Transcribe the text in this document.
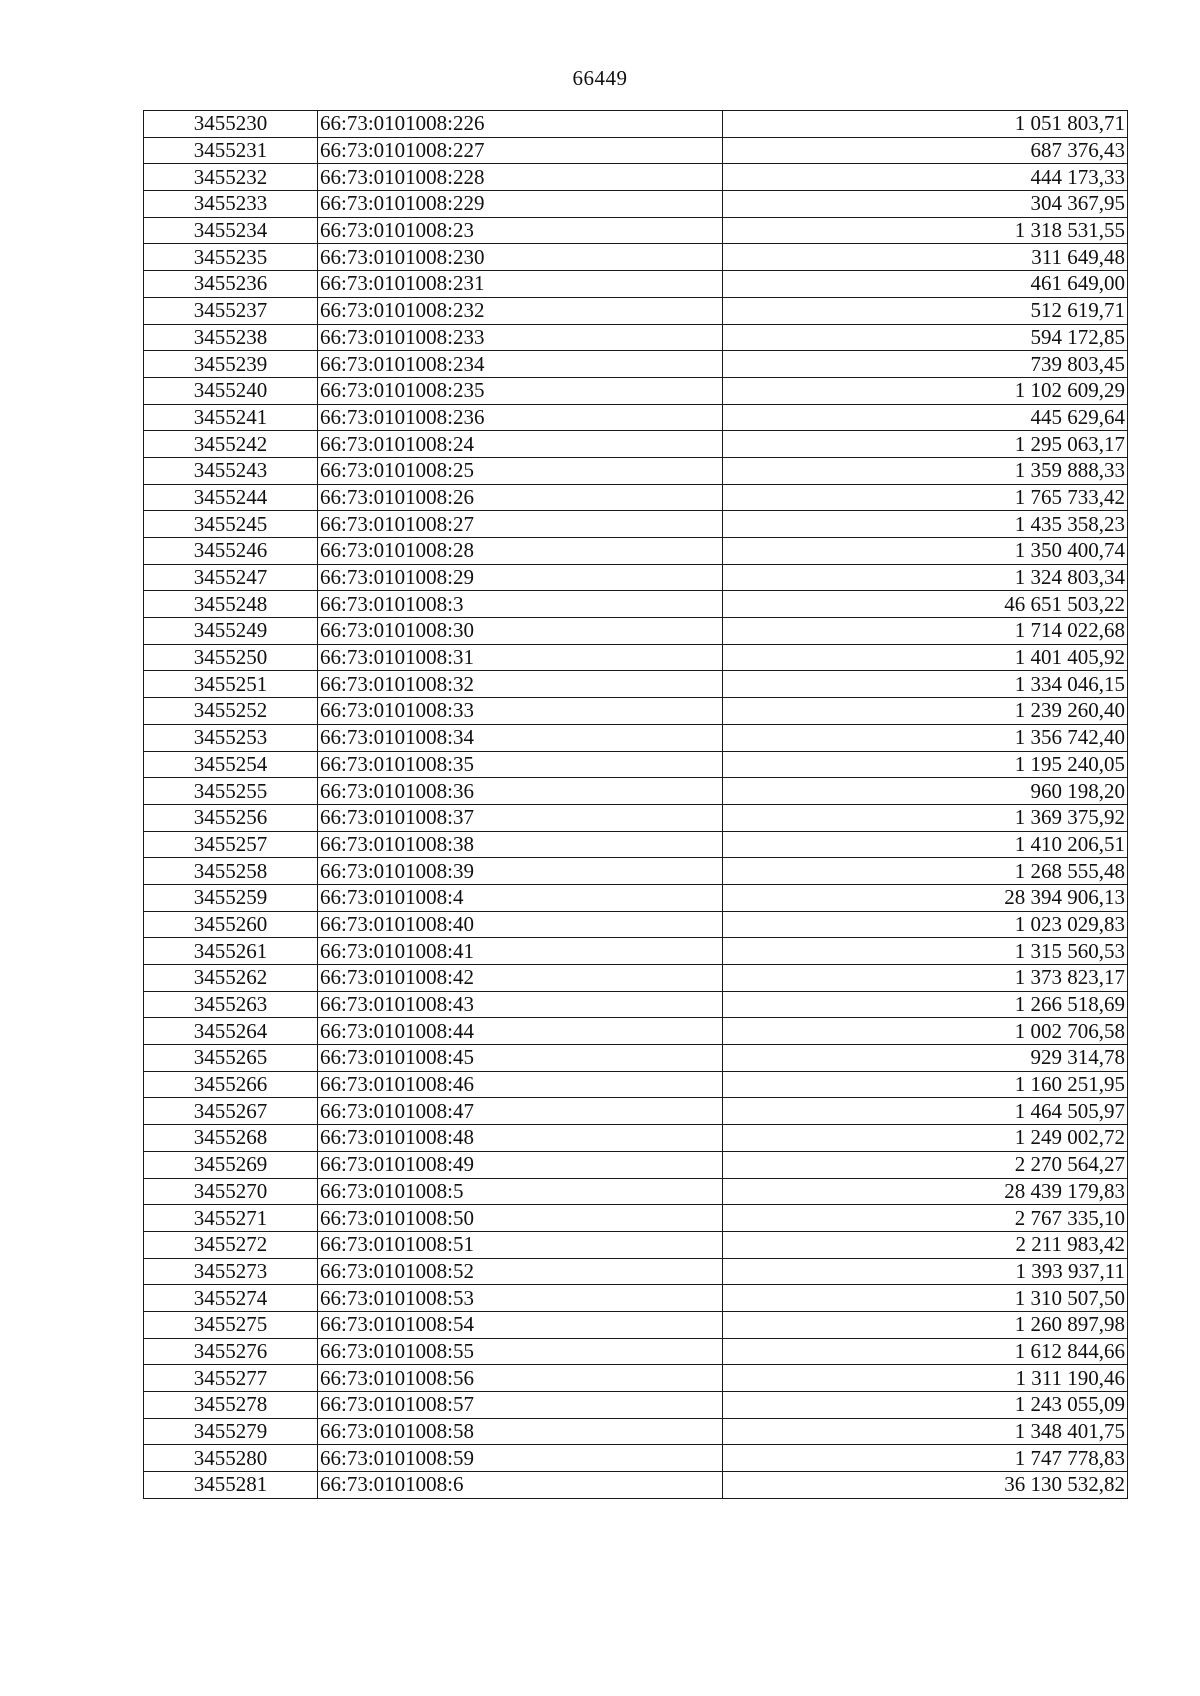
66449
3455230	66:73:0101008:226	1 051 803,71
3455231	66:73:0101008:227	687 376,43
3455232	66:73:0101008:228	444 173,33
3455233	66:73:0101008:229	304 367,95
3455234	66:73:0101008:23	1 318 531,55
3455235	66:73:0101008:230	311 649,48
3455236	66:73:0101008:231	461 649,00
3455237	66:73:0101008:232	512 619,71
3455238	66:73:0101008:233	594 172,85
3455239	66:73:0101008:234	739 803,45
3455240	66:73:0101008:235	1 102 609,29
3455241	66:73:0101008:236	445 629,64
3455242	66:73:0101008:24	1 295 063,17
3455243	66:73:0101008:25	1 359 888,33
3455244	66:73:0101008:26	1 765 733,42
3455245	66:73:0101008:27	1 435 358,23
3455246	66:73:0101008:28	1 350 400,74
3455247	66:73:0101008:29	1 324 803,34
3455248	66:73:0101008:3	46 651 503,22
3455249	66:73:0101008:30	1 714 022,68
3455250	66:73:0101008:31	1 401 405,92
3455251	66:73:0101008:32	1 334 046,15
3455252	66:73:0101008:33	1 239 260,40
3455253	66:73:0101008:34	1 356 742,40
3455254	66:73:0101008:35	1 195 240,05
3455255	66:73:0101008:36	960 198,20
3455256	66:73:0101008:37	1 369 375,92
3455257	66:73:0101008:38	1 410 206,51
3455258	66:73:0101008:39	1 268 555,48
3455259	66:73:0101008:4	28 394 906,13
3455260	66:73:0101008:40	1 023 029,83
3455261	66:73:0101008:41	1 315 560,53
3455262	66:73:0101008:42	1 373 823,17
3455263	66:73:0101008:43	1 266 518,69
3455264	66:73:0101008:44	1 002 706,58
3455265	66:73:0101008:45	929 314,78
3455266	66:73:0101008:46	1 160 251,95
3455267	66:73:0101008:47	1 464 505,97
3455268	66:73:0101008:48	1 249 002,72
3455269	66:73:0101008:49	2 270 564,27
3455270	66:73:0101008:5	28 439 179,83
3455271	66:73:0101008:50	2 767 335,10
3455272	66:73:0101008:51	2 211 983,42
3455273	66:73:0101008:52	1 393 937,11
3455274	66:73:0101008:53	1 310 507,50
3455275	66:73:0101008:54	1 260 897,98
3455276	66:73:0101008:55	1 612 844,66
3455277	66:73:0101008:56	1 311 190,46
3455278	66:73:0101008:57	1 243 055,09
3455279	66:73:0101008:58	1 348 401,75
3455280	66:73:0101008:59	1 747 778,83
3455281	66:73:0101008:6	36 130 532,82
